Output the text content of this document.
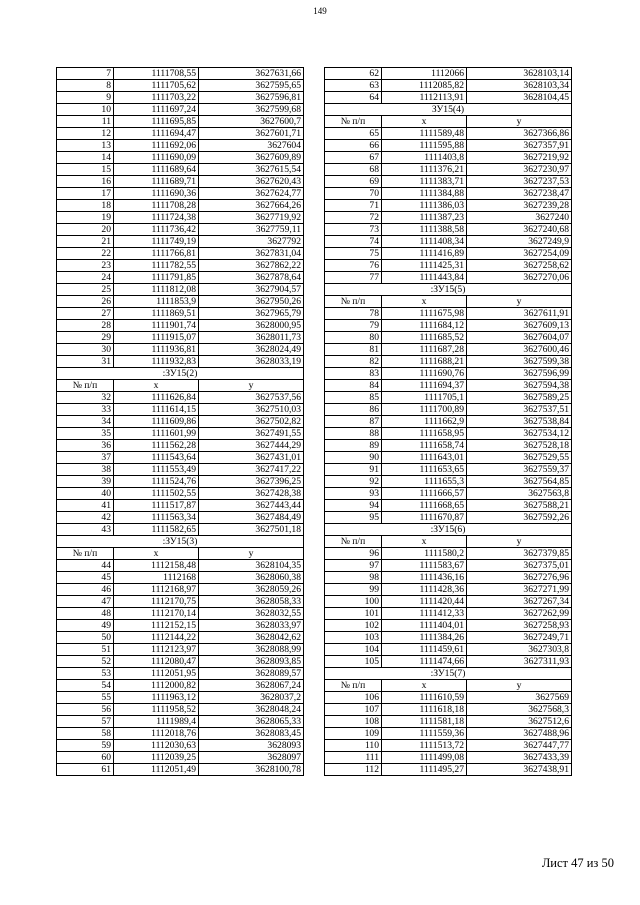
149
7	1111708,55	3627631,66
8	1111705,62	3627595,65
9	1111703,22	3627596,81
10	1111697,24	3627599,68
11	1111695,85	3627600,7
12	1111694,47	3627601,71
13	1111692,06	3627604
14	1111690,09	3627609,89
15	1111689,64	3627615,54
16	1111689,71	3627620,43
17	1111690,36	3627624,77
18	1111708,28	3627664,26
19	1111724,38	3627719,92
20	1111736,42	3627759,11
21	1111749,19	3627792
22	1111766,81	3627831,04
23	1111782,55	3627862,22
24	1111791,85	3627878,64
25	1111812,08	3627904,57
26	1111853,9	3627950,26
27	1111869,51	3627965,79
28	1111901,74	3628000,95
29	1111915,07	3628011,73
30	1111936,81	3628024,49
31	1111932,83	3628033,19
:ЗУ15(2)		
№ п/п	x	y
32	1111626,84	3627537,56
33	1111614,15	3627510,03
34	1111609,86	3627502,82
35	1111601,99	3627491,55
36	1111562,28	3627444,29
37	1111543,64	3627431,01
38	1111553,49	3627417,22
39	1111524,76	3627396,25
40	1111502,55	3627428,38
41	1111517,87	3627443,44
42	1111563,34	3627484,49
43	1111582,65	3627501,18
:ЗУ15(3)		
№ п/п	x	y
44	1112158,48	3628104,35
45	1112168	3628060,38
46	1112168,97	3628059,26
47	1112170,75	3628058,33
48	1112170,14	3628032,55
49	1112152,15	3628033,97
50	1112144,22	3628042,62
51	1112123,97	3628088,99
52	1112080,47	3628093,85
53	1112051,95	3628089,57
54	1112000,82	3628067,24
55	1111963,12	3628037,2
56	1111958,52	3628048,24
57	1111989,4	3628065,33
58	1112018,76	3628083,45
59	1112030,63	3628093
60	1112039,25	3628097
61	1112051,49	3628100,78
62	1112066	3628103,14
63	1112085,82	3628103,34
64	1112113,91	3628104,45
ЗУ15(4)		
№ п/п	x	y
65	1111589,48	3627366,86
66	1111595,88	3627357,91
67	1111403,8	3627219,92
68	1111376,21	3627230,97
69	1111383,71	3627237,53
70	1111384,88	3627238,47
71	1111386,03	3627239,28
72	1111387,23	3627240
73	1111388,58	3627240,68
74	1111408,34	3627249,9
75	1111416,89	3627254,09
76	1111425,31	3627258,62
77	1111443,84	3627270,06
:ЗУ15(5)		
№ п/п	x	y
78	1111675,98	3627611,91
79	1111684,12	3627609,13
80	1111685,52	3627604,07
81	1111687,28	3627600,46
82	1111688,21	3627599,38
83	1111690,76	3627596,99
84	1111694,37	3627594,38
85	1111705,1	3627589,25
86	1111700,89	3627537,51
87	1111662,9	3627538,84
88	1111658,95	3627534,12
89	1111658,74	3627528,18
90	1111643,01	3627529,55
91	1111653,65	3627559,37
92	1111655,3	3627564,85
93	1111666,57	3627563,8
94	1111668,65	3627588,21
95	1111670,87	3627592,26
:ЗУ15(6)		
№ п/п	x	y
96	1111580,2	3627379,85
97	1111583,67	3627375,01
98	1111436,16	3627276,96
99	1111428,36	3627271,99
100	1111420,44	3627267,34
101	1111412,33	3627262,99
102	1111404,01	3627258,93
103	1111384,26	3627249,71
104	1111459,61	3627303,8
105	1111474,66	3627311,93
:ЗУ15(7)		
№ п/п	x	y
106	1111610,59	3627569
107	1111618,18	3627568,3
108	1111581,18	3627512,6
109	1111559,36	3627488,96
110	1111513,72	3627447,77
111	1111499,08	3627433,39
112	1111495,27	3627438,91
Лист 47 из 50
